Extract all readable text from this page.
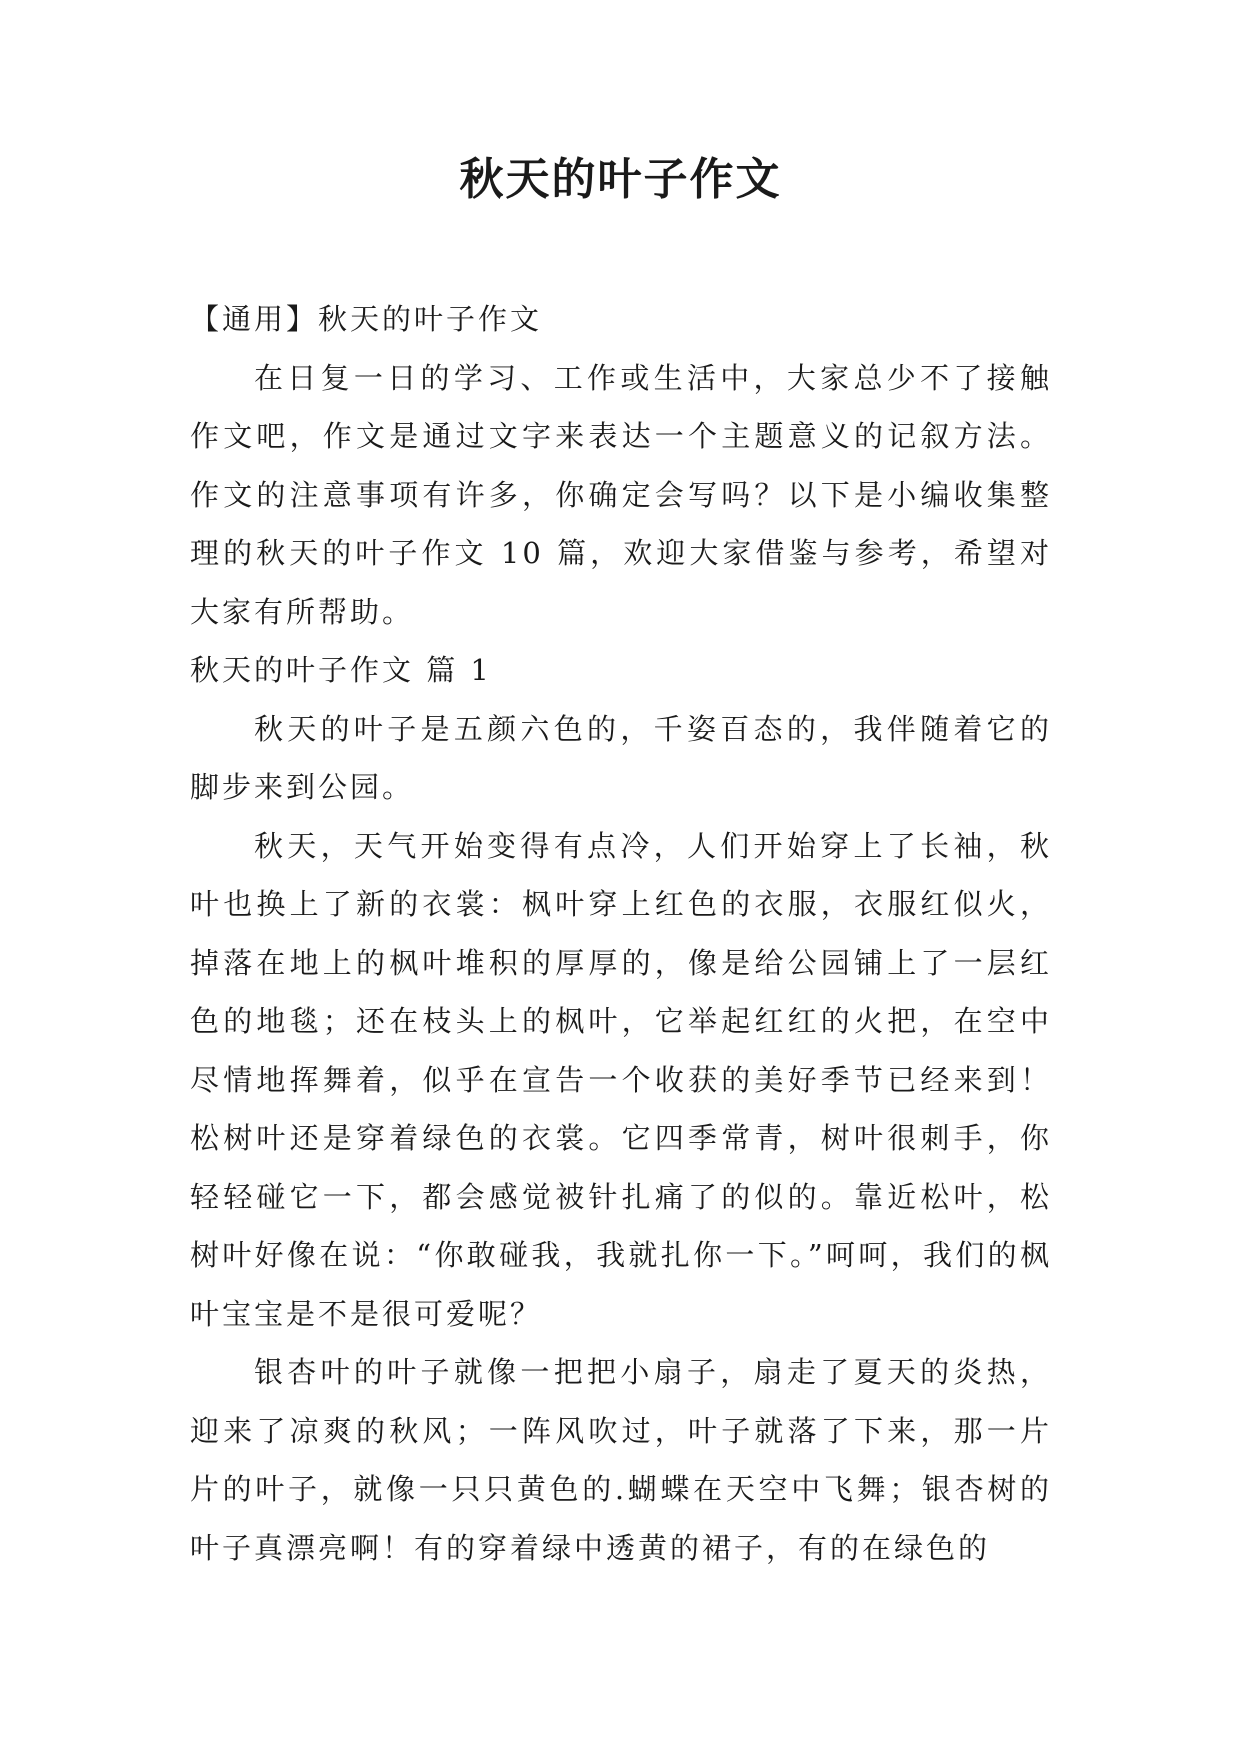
秋天的叶子作文

【通用】秋天的叶子作文

在日复一日的学习、工作或生活中，大家总少不了接触作文吧，作文是通过文字来表达一个主题意义的记叙方法。作文的注意事项有许多，你确定会写吗？以下是小编收集整理的秋天的叶子作文 10 篇，欢迎大家借鉴与参考，希望对大家有所帮助。

秋天的叶子作文 篇 1

秋天的叶子是五颜六色的，千姿百态的，我伴随着它的脚步来到公园。

秋天，天气开始变得有点冷，人们开始穿上了长袖，秋叶也换上了新的衣裳：枫叶穿上红色的衣服，衣服红似火，掉落在地上的枫叶堆积的厚厚的，像是给公园铺上了一层红色的地毯；还在枝头上的枫叶，它举起红红的火把，在空中尽情地挥舞着，似乎在宣告一个收获的美好季节已经来到！松树叶还是穿着绿色的衣裳。它四季常青，树叶很刺手，你轻轻碰它一下，都会感觉被针扎痛了的似的。靠近松叶，松树叶好像在说：“你敢碰我，我就扎你一下。”呵呵，我们的枫叶宝宝是不是很可爱呢？

银杏叶的叶子就像一把把小扇子，扇走了夏天的炎热，迎来了凉爽的秋风；一阵风吹过，叶子就落了下来，那一片片的叶子，就像一只只黄色的.蝴蝶在天空中飞舞；银杏树的叶子真漂亮啊！有的穿着绿中透黄的裙子，有的在绿色的
